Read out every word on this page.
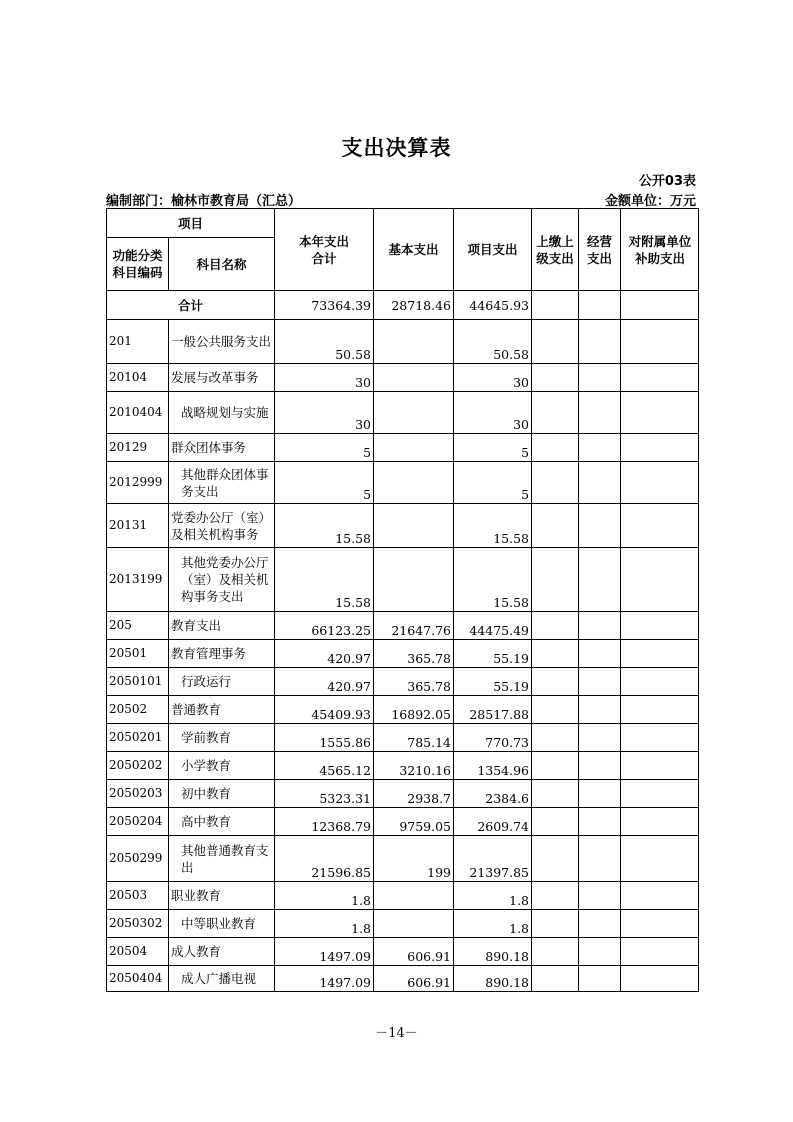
支出决算表
公开03表
编制部门：榆林市教育局（汇总）	金额单位：万元
项目		本年支出合计	基本支出	项目支出	上缴上级支出	经营支出	对附属单位补助支出
功能分类科目编码	科目名称						
合计		73364.39	28718.46	44645.93			
201	一般公共服务支出	50.58		50.58			
20104	发展与改革事务	30		30			
2010404	战略规划与实施	30		30			
20129	群众团体事务	5		5			
2012999	其他群众团体事务支出	5		5			
20131	党委办公厅（室）及相关机构事务	15.58		15.58			
2013199	其他党委办公厅（室）及相关机构事务支出	15.58		15.58			
205	教育支出	66123.25	21647.76	44475.49			
20501	教育管理事务	420.97	365.78	55.19			
2050101	行政运行	420.97	365.78	55.19			
20502	普通教育	45409.93	16892.05	28517.88			
2050201	学前教育	1555.86	785.14	770.73			
2050202	小学教育	4565.12	3210.16	1354.96			
2050203	初中教育	5323.31	2938.7	2384.6			
2050204	高中教育	12368.79	9759.05	2609.74			
2050299	其他普通教育支出	21596.85	199	21397.85			
20503	职业教育	1.8		1.8			
2050302	中等职业教育	1.8		1.8			
20504	成人教育	1497.09	606.91	890.18			
2050404	成人广播电视	1497.09	606.91	890.18			
－14－
